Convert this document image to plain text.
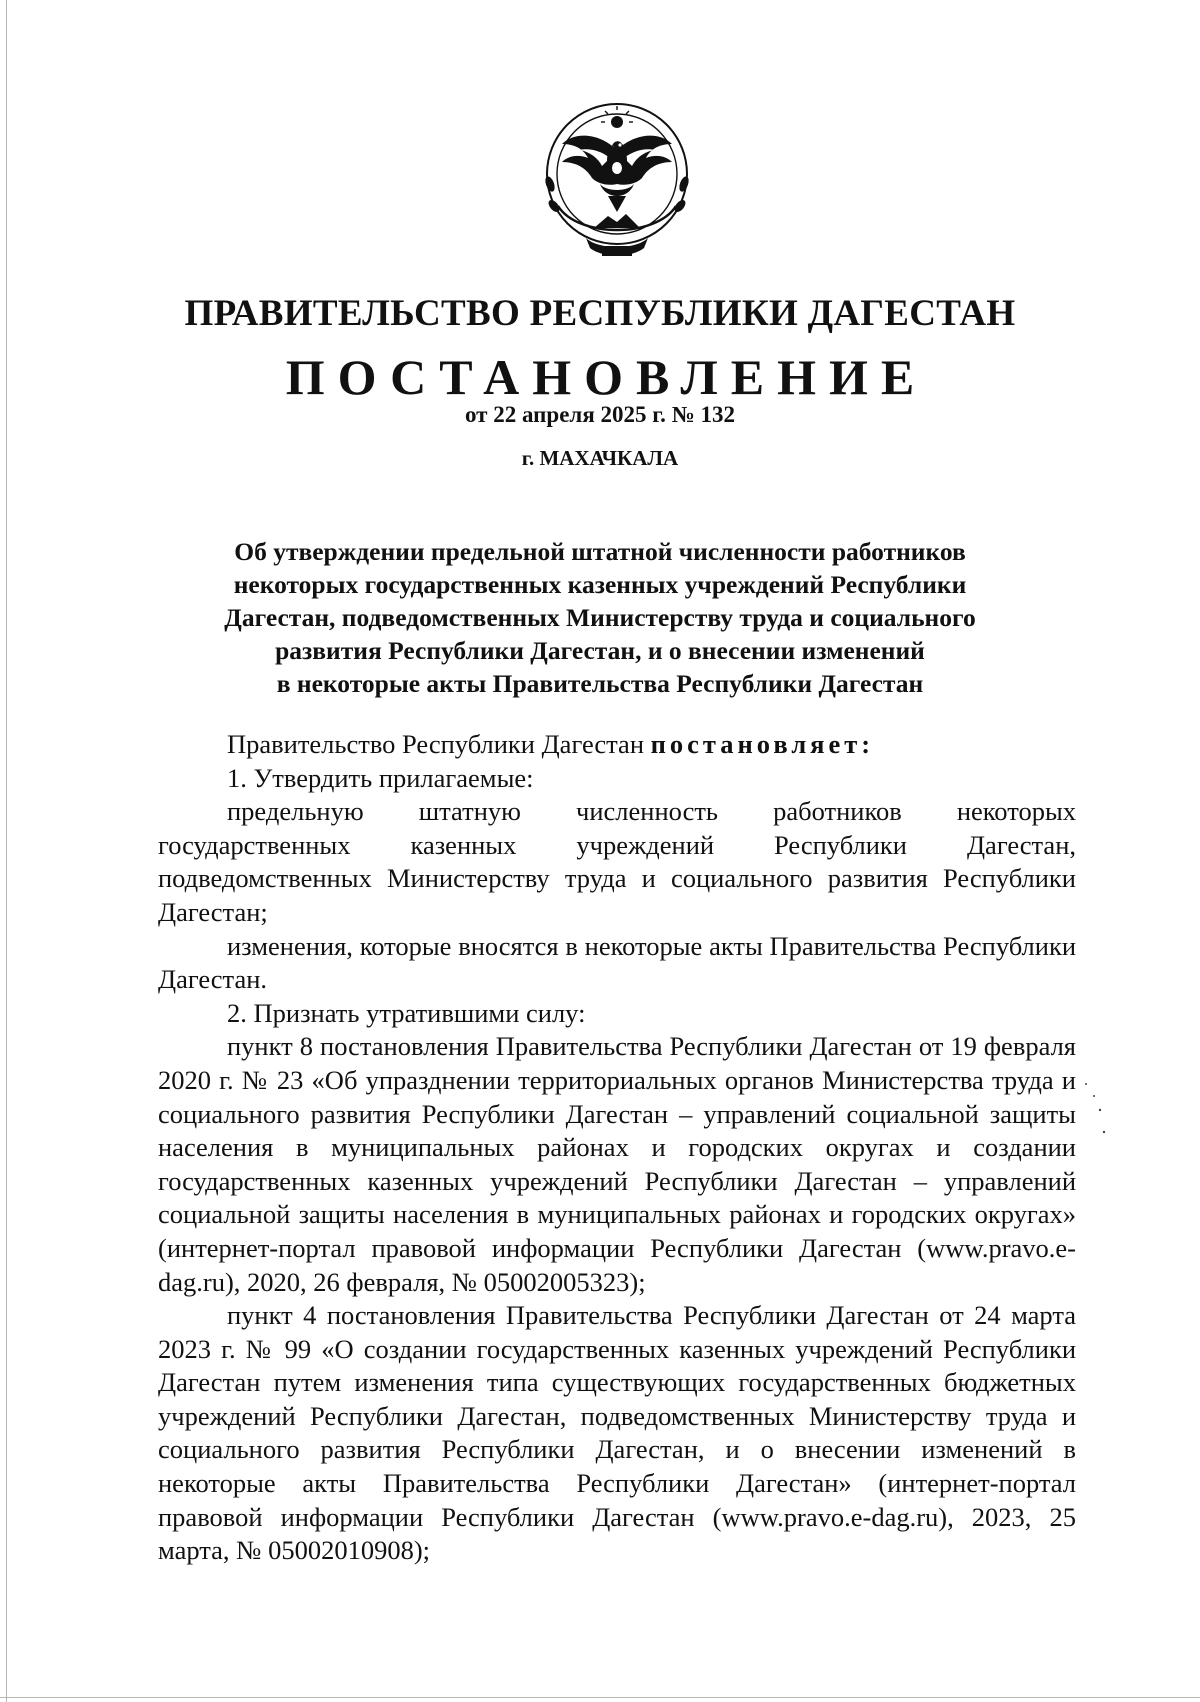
ПРАВИТЕЛЬСТВО РЕСПУБЛИКИ ДАГЕСТАН
ПОСТАНОВЛЕНИЕ
от 22 апреля 2025 г. № 132
г. МАХАЧКАЛА
Об утверждении предельной штатной численности работников
некоторых государственных казенных учреждений Республики
Дагестан, подведомственных Министерству труда и социального
развития Республики Дагестан, и о внесении изменений
в некоторые акты Правительства Республики Дагестан

Правительство Республики Дагестан постановляет:

1. Утвердить прилагаемые:

предельную штатную численность работников некоторых государственных казенных учреждений Республики Дагестан, подведомственных Министерству труда и социального развития Республики Дагестан;

изменения, которые вносятся в некоторые акты Правительства Республики Дагестан.

2. Признать утратившими силу:

пункт 8 постановления Правительства Республики Дагестан от 19 февраля 2020 г. № 23 «Об упразднении территориальных органов Министерства труда и социального развития Республики Дагестан – управлений социальной защиты населения в муниципальных районах и городских округах и создании государственных казенных учреждений Республики Дагестан – управлений социальной защиты населения в муниципальных районах и городских округах» (интернет-портал правовой информации Республики Дагестан (www.pravo.e-dag.ru), 2020, 26 февраля, № 05002005323);

пункт 4 постановления Правительства Республики Дагестан от 24 марта 2023 г. № 99 «О создании государственных казенных учреждений Республики Дагестан путем изменения типа существующих государственных бюджетных учреждений Республики Дагестан, подведомственных Министерству труда и социального развития Республики Дагестан, и о внесении изменений в некоторые акты Правительства Республики Дагестан» (интернет-портал правовой информации Республики Дагестан (www.pravo.e-dag.ru), 2023, 25 марта, № 05002010908);
